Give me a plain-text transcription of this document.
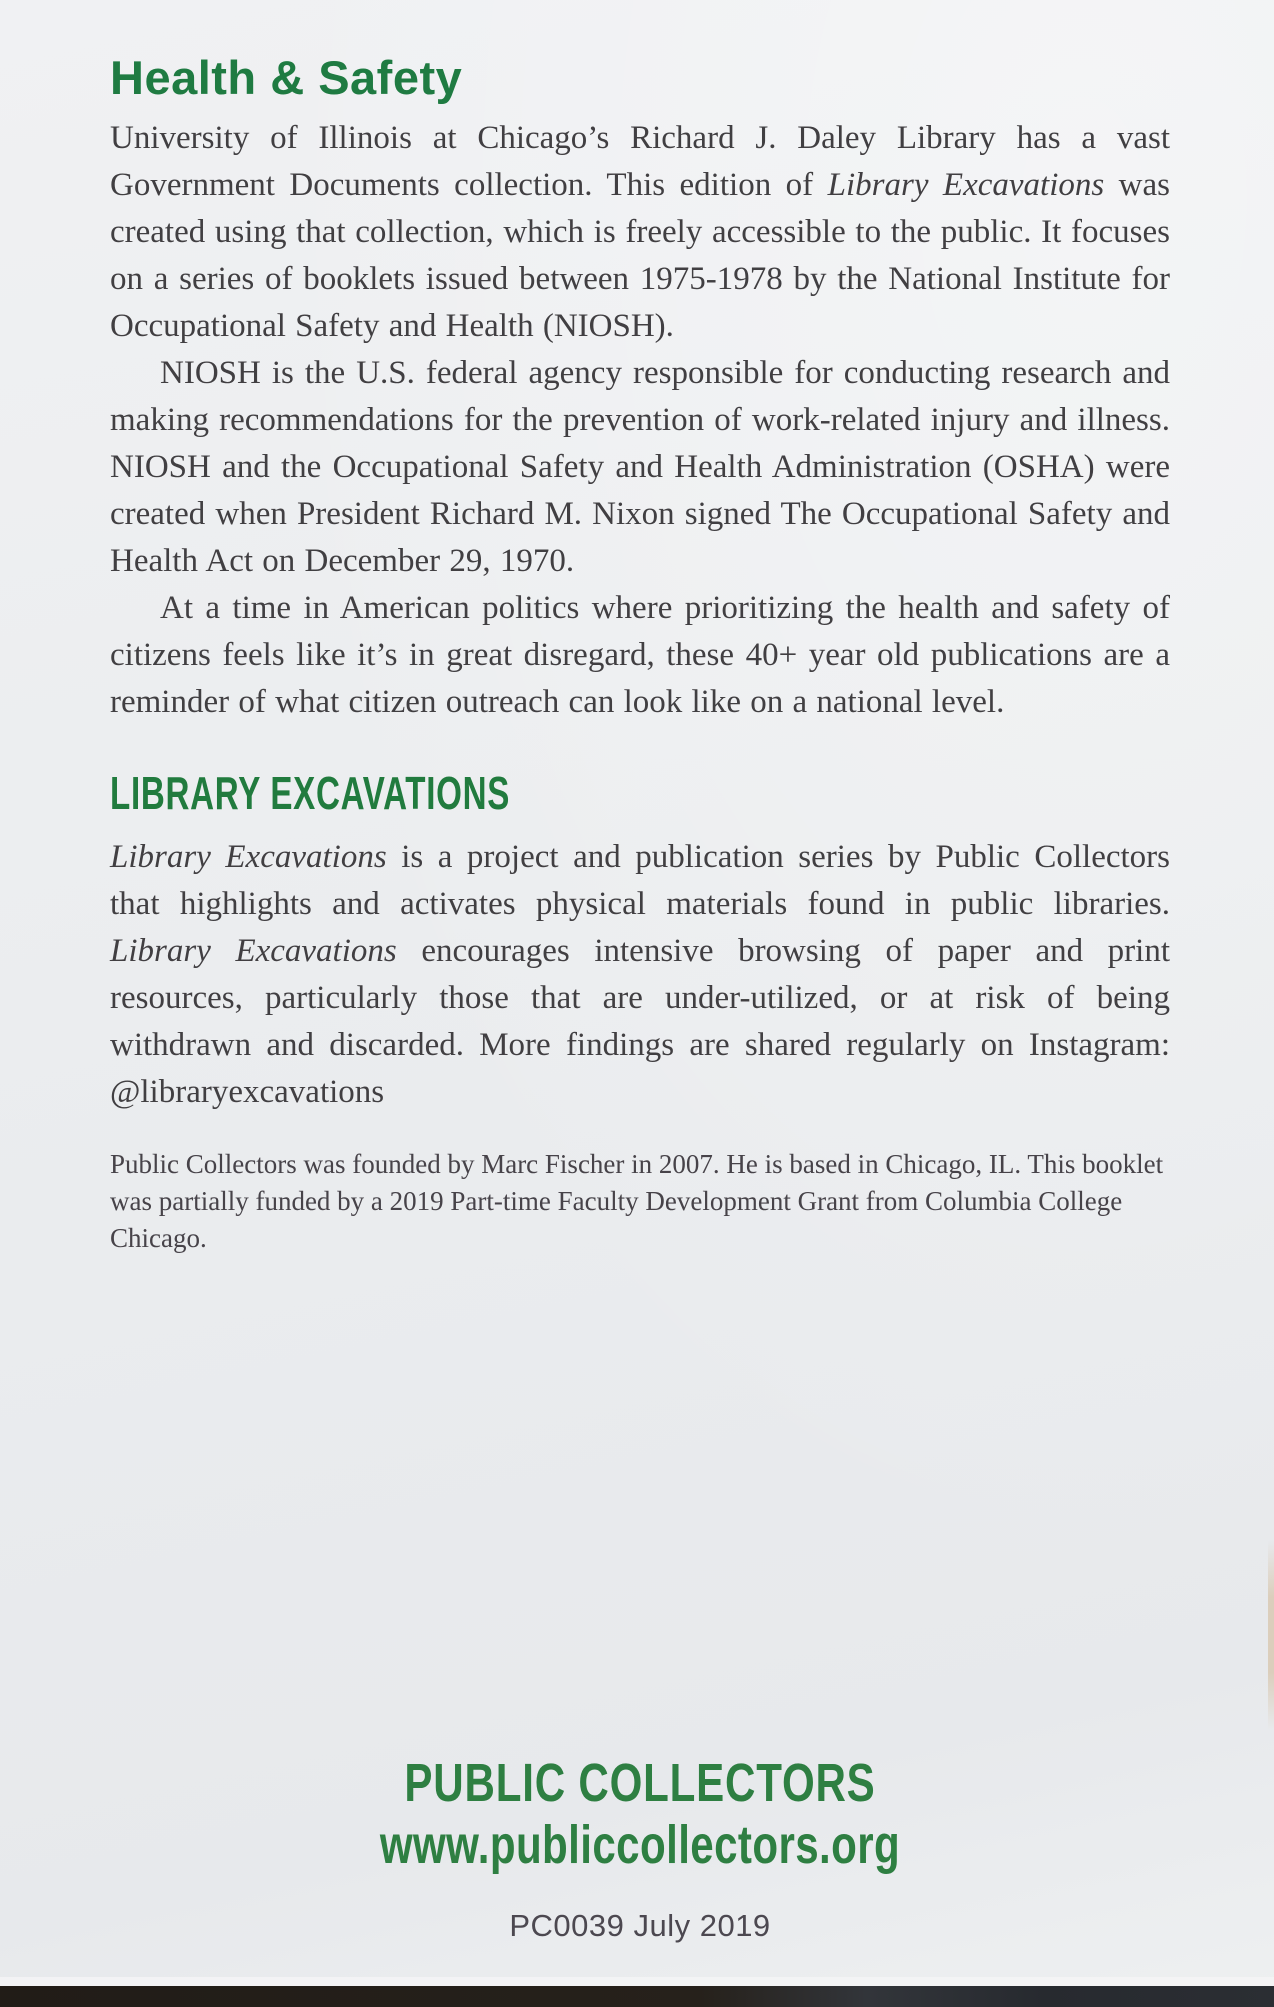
Health & Safety

University of Illinois at Chicago’s Richard J. Daley Library has a vast Government Documents collection. This edition of Library Excavations was created using that collection, which is freely accessible to the public. It focuses on a series of booklets issued between 1975-1978 by the National Institute for Occupational Safety and Health (NIOSH).

NIOSH is the U.S. federal agency responsible for conducting research and making recommendations for the prevention of work-related injury and illness. NIOSH and the Occupational Safety and Health Administration (OSHA) were created when President Richard M. Nixon signed The Occupational Safety and Health Act on December 29, 1970.

At a time in American politics where prioritizing the health and safety of citizens feels like it’s in great disregard, these 40+ year old publications are a reminder of what citizen outreach can look like on a national level.

LIBRARY EXCAVATIONS

Library Excavations is a project and publication series by Public Collectors that highlights and activates physical materials found in public libraries. Library Excavations encourages intensive browsing of paper and print resources, particularly those that are under-utilized, or at risk of being withdrawn and discarded. More findings are shared regularly on Instagram: @libraryexcavations

Public Collectors was founded by Marc Fischer in 2007. He is based in Chicago, IL. This booklet was partially funded by a 2019 Part-time Faculty Development Grant from Columbia College Chicago.

PUBLIC COLLECTORS
www.publiccollectors.org
PC0039 July 2019
